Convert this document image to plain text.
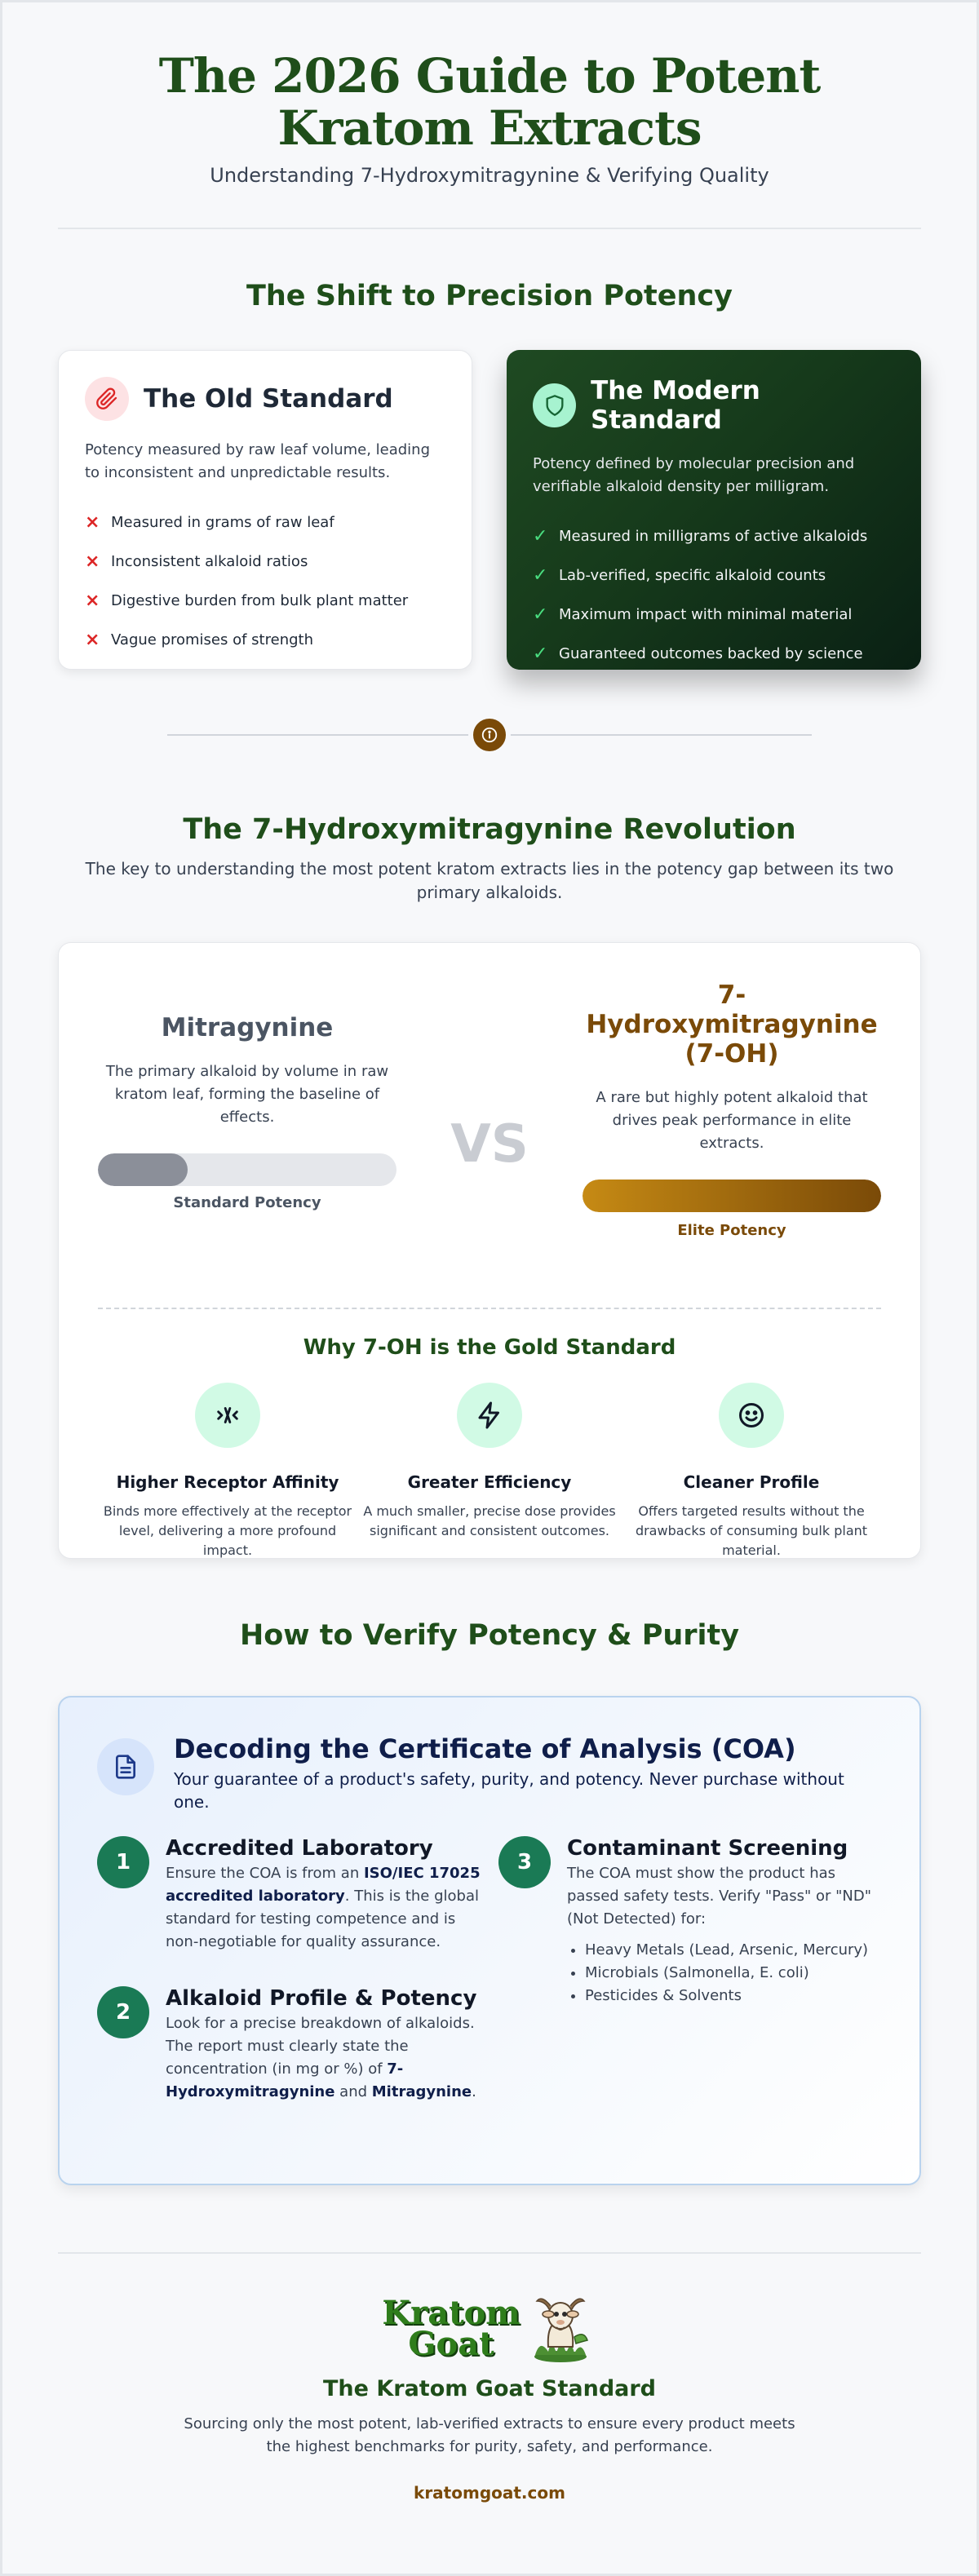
The 2026 Guide to Potent Kratom Extracts

Understanding 7-Hydroxymitragynine & Verifying Quality

The Shift to Precision Potency
The Old Standard

Potency measured by raw leaf volume, leading to inconsistent and unpredictable results.

× Measured in grams of raw leaf
× Inconsistent alkaloid ratios
× Digestive burden from bulk plant matter
× Vague promises of strength
The Modern Standard

Potency defined by molecular precision and verifiable alkaloid density per milligram.

✓ Measured in milligrams of active alkaloids
✓ Lab-verified, specific alkaloid counts
✓ Maximum impact with minimal material
✓ Guaranteed outcomes backed by science
The 7-Hydroxymitragynine Revolution

The key to understanding the most potent kratom extracts lies in the potency gap between its two primary alkaloids.

Mitragynine

The primary alkaloid by volume in raw kratom leaf, forming the baseline of effects.

Standard Potency
VS
7-
Hydroxymitragynine
(7-OH)

A rare but highly potent alkaloid that drives peak performance in elite extracts.

Elite Potency
Why 7-OH is the Gold Standard
Higher Receptor Affinity

Binds more effectively at the receptor level, delivering a more profound impact.

Greater Efficiency

A much smaller, precise dose provides significant and consistent outcomes.

Cleaner Profile

Offers targeted results without the drawbacks of consuming bulk plant material.

How to Verify Potency & Purity
Decoding the Certificate of Analysis (COA)

Your guarantee of a product's safety, purity, and potency. Never purchase without one.

1
Accredited Laboratory

Ensure the COA is from an ISO/IEC 17025 accredited laboratory. This is the global standard for testing competence and is non-negotiable for quality assurance.

2
Alkaloid Profile & Potency

Look for a precise breakdown of alkaloids. The report must clearly state the concentration (in mg or %) of 7-Hydroxymitragynine and Mitragynine.

3
Contaminant Screening

The COA must show the product has passed safety tests. Verify "Pass" or "ND" (Not Detected) for:

• Heavy Metals (Lead, Arsenic, Mercury)
• Microbials (Salmonella, E. coli)
• Pesticides & Solvents
Kratom
Goat
The Kratom Goat Standard

Sourcing only the most potent, lab-verified extracts to ensure every product meets the highest benchmarks for purity, safety, and performance.

kratomgoat.com
